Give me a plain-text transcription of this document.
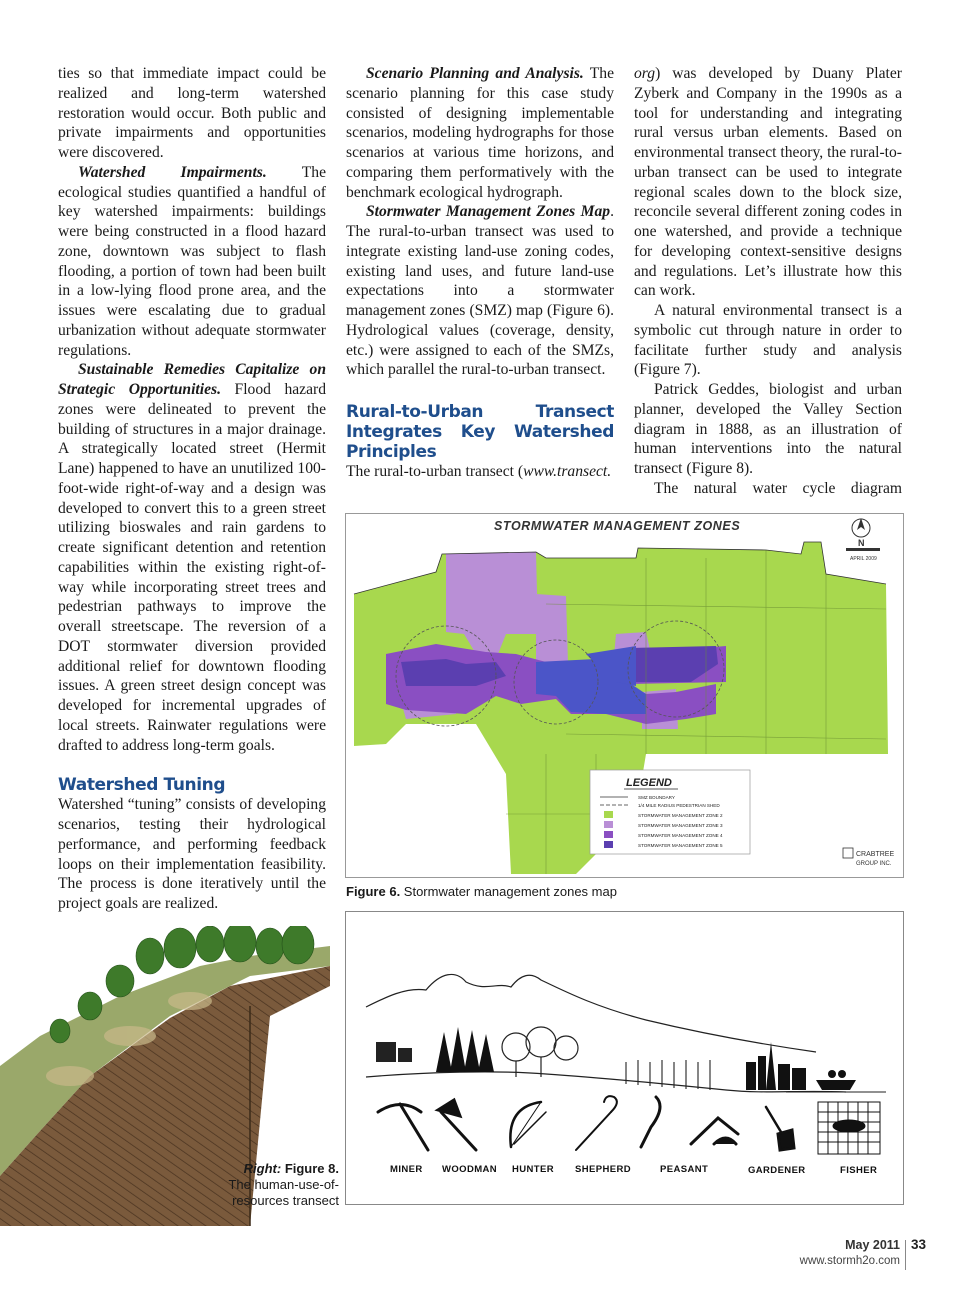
ties so that immediate impact could be realized and long-term watershed restoration would occur. Both public and private impairments and opportunities were discovered.

Watershed Impairments. The ecological studies quantified a handful of key watershed impairments: buildings were being constructed in a flood hazard zone, downtown was subject to flash flooding, a portion of town had been built in a low-lying flood prone area, and the issues were escalating due to gradual urbanization without adequate stormwater regulations.

Sustainable Remedies Capitalize on Strategic Opportunities. Flood hazard zones were delineated to prevent the building of structures in a major drainage. A strategically located street (Hermit Lane) happened to have an unutilized 100-foot-wide right-of-way and a design was developed to convert this to a green street utilizing bioswales and rain gardens to create significant detention and retention capabilities within the existing right-of-way while incorporating street trees and pedestrian pathways to improve the overall streetscape. The reversion of a DOT stormwater diversion provided additional relief for downtown flooding issues. A green street design concept was developed for incremental upgrades of local streets. Rainwater regulations were drafted to address long-term goals.

Watershed Tuning

Watershed “tuning” consists of developing scenarios, testing their hydrological performance, and performing feedback loops on their implementation feasibility. The process is done iteratively until the project goals are realized.

Scenario Planning and Analysis. The scenario planning for this case study consisted of designing implementable scenarios, modeling hydrographs for those scenarios at various time horizons, and comparing them performatively with the benchmark ecological hydrograph.

Stormwater Management Zones Map. The rural-to-urban transect was used to integrate existing land-use zoning codes, existing land uses, and future land-use expectations into a stormwater management zones (SMZ) map (Figure 6). Hydrological values (coverage, density, etc.) were assigned to each of the SMZs, which parallel the rural-to-urban transect.

Rural-to-Urban Transect Integrates Key Watershed Principles

The rural-to-urban transect (www.transect.

org) was developed by Duany Plater Zyberk and Company in the 1990s as a tool for understanding and integrating rural versus urban elements. Based on environmental transect theory, the rural-to-urban transect can be used to integrate regional scales down to the block size, reconcile several different zoning codes in one watershed, and provide a technique for developing context-sensitive designs and regulations. Let’s illustrate how this can work.

A natural environmental transect is a symbolic cut through nature in order to facilitate further study and analysis (Figure 7).

Patrick Geddes, biologist and urban planner, developed the Valley Section diagram in 1888, as an illustration of human interventions into the natural transect (Figure 8).

The natural water cycle diagram

STORMWATER MANAGEMENT ZONES
N
APRIL 2009
LEGEND
SMZ BOUNDARY
1/4 MILE RADIUS PEDESTRIAN SHED
STORMWATER MANAGEMENT ZONE 2
STORMWATER MANAGEMENT ZONE 3
STORMWATER MANAGEMENT ZONE 4
STORMWATER MANAGEMENT ZONE 5
CRABTREE
GROUP INC.
Figure 6. Stormwater management zones map
Right: Figure 8.
The human-use-of-resources transect
MINER WOODMAN HUNTER SHEPHERD	PEASANT	GARDENER	FISHER
May 2011 33
www.stormh2o.com
